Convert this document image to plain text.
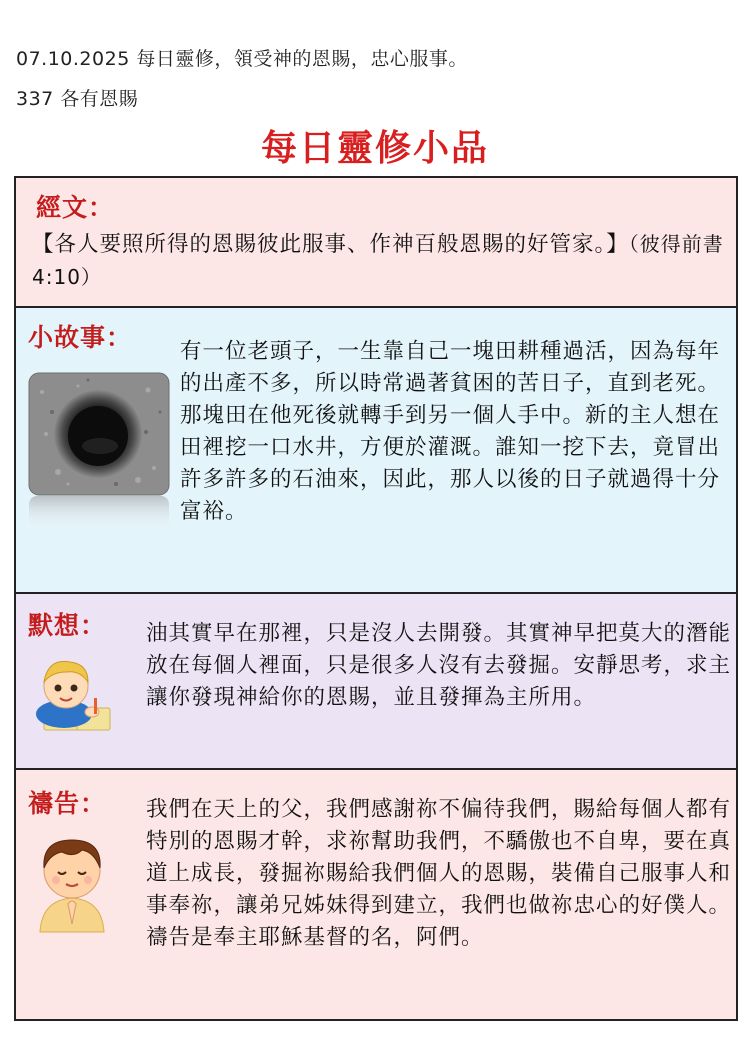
07.10.2025 每日靈修，領受神的恩賜，忠心服事。
337 各有恩賜
每日靈修小品
經文：
【各人要照所得的恩賜彼此服事、作神百般恩賜的好管家。】（彼得前書 4:10）
小故事： 有一位老頭子，一生靠自己一塊田耕種過活，因為每年的出產不多，所以時常過著貧困的苦日子，直到老死。那塊田在他死後就轉手到另一個人手中。新的主人想在田裡挖一口水井，方便於灌溉。誰知一挖下去，竟冒出許多許多的石油來，因此，那人以後的日子就過得十分富裕。
默想： 油其實早在那裡，只是沒人去開發。其實神早把莫大的潛能放在每個人裡面，只是很多人沒有去發掘。安靜思考，求主讓你發現神給你的恩賜，並且發揮為主所用。
禱告： 我們在天上的父，我們感謝祢不偏待我們，賜給每個人都有特別的恩賜才幹，求祢幫助我們，不驕傲也不自卑，要在真道上成長，發掘祢賜給我們個人的恩賜，裝備自己服事人和事奉祢，讓弟兄姊妹得到建立，我們也做祢忠心的好僕人。禱告是奉主耶穌基督的名，阿們。
